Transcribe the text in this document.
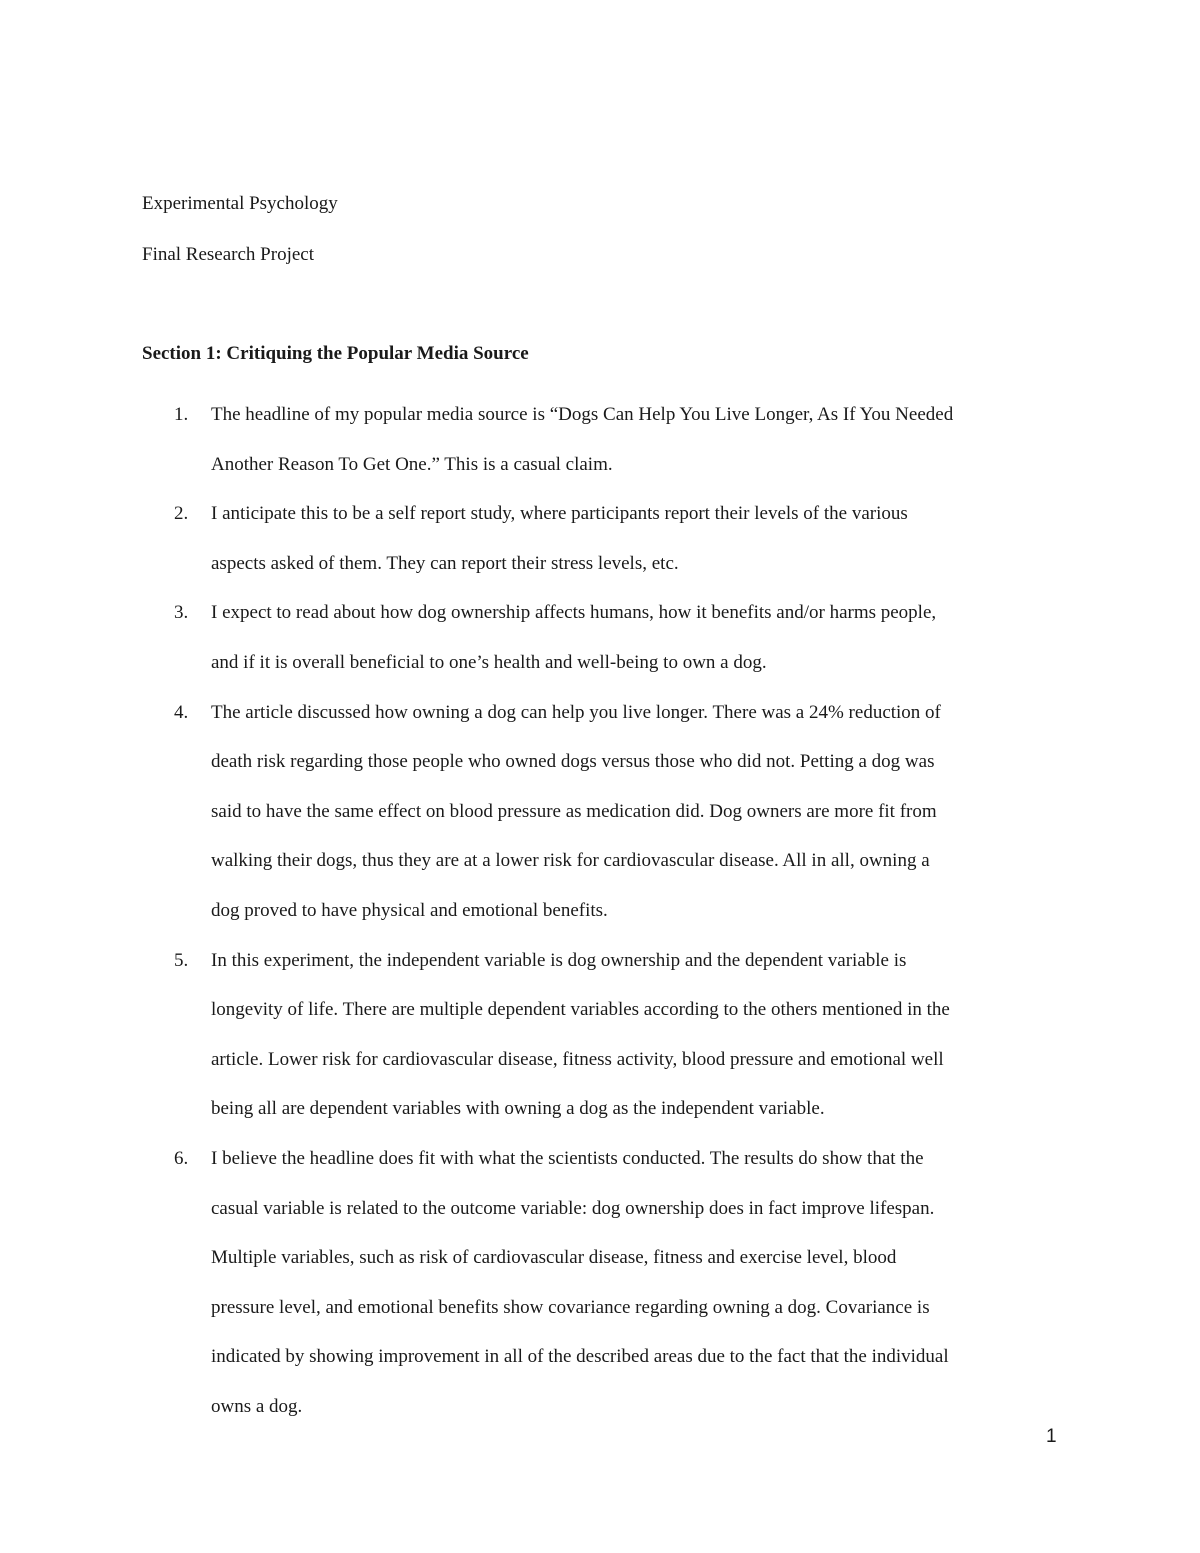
Experimental Psychology
Final Research Project
Section 1: Critiquing the Popular Media Source
1. The headline of my popular media source is “Dogs Can Help You Live Longer, As If You Needed
Another Reason To Get One.” This is a casual claim.
2. I anticipate this to be a self report study, where participants report their levels of the various
aspects asked of them. They can report their stress levels, etc.
3. I expect to read about how dog ownership affects humans, how it benefits and/or harms people,
and if it is overall beneficial to one’s health and well-being to own a dog.
4. The article discussed how owning a dog can help you live longer. There was a 24% reduction of
death risk regarding those people who owned dogs versus those who did not. Petting a dog was
said to have the same effect on blood pressure as medication did. Dog owners are more fit from
walking their dogs, thus they are at a lower risk for cardiovascular disease. All in all, owning a
dog proved to have physical and emotional benefits.
5. In this experiment, the independent variable is dog ownership and the dependent variable is
longevity of life. There are multiple dependent variables according to the others mentioned in the
article. Lower risk for cardiovascular disease, fitness activity, blood pressure and emotional well
being all are dependent variables with owning a dog as the independent variable.
6. I believe the headline does fit with what the scientists conducted. The results do show that the
casual variable is related to the outcome variable: dog ownership does in fact improve lifespan.
Multiple variables, such as risk of cardiovascular disease, fitness and exercise level, blood
pressure level, and emotional benefits show covariance regarding owning a dog. Covariance is
indicated by showing improvement in all of the described areas due to the fact that the individual
owns a dog.
1
